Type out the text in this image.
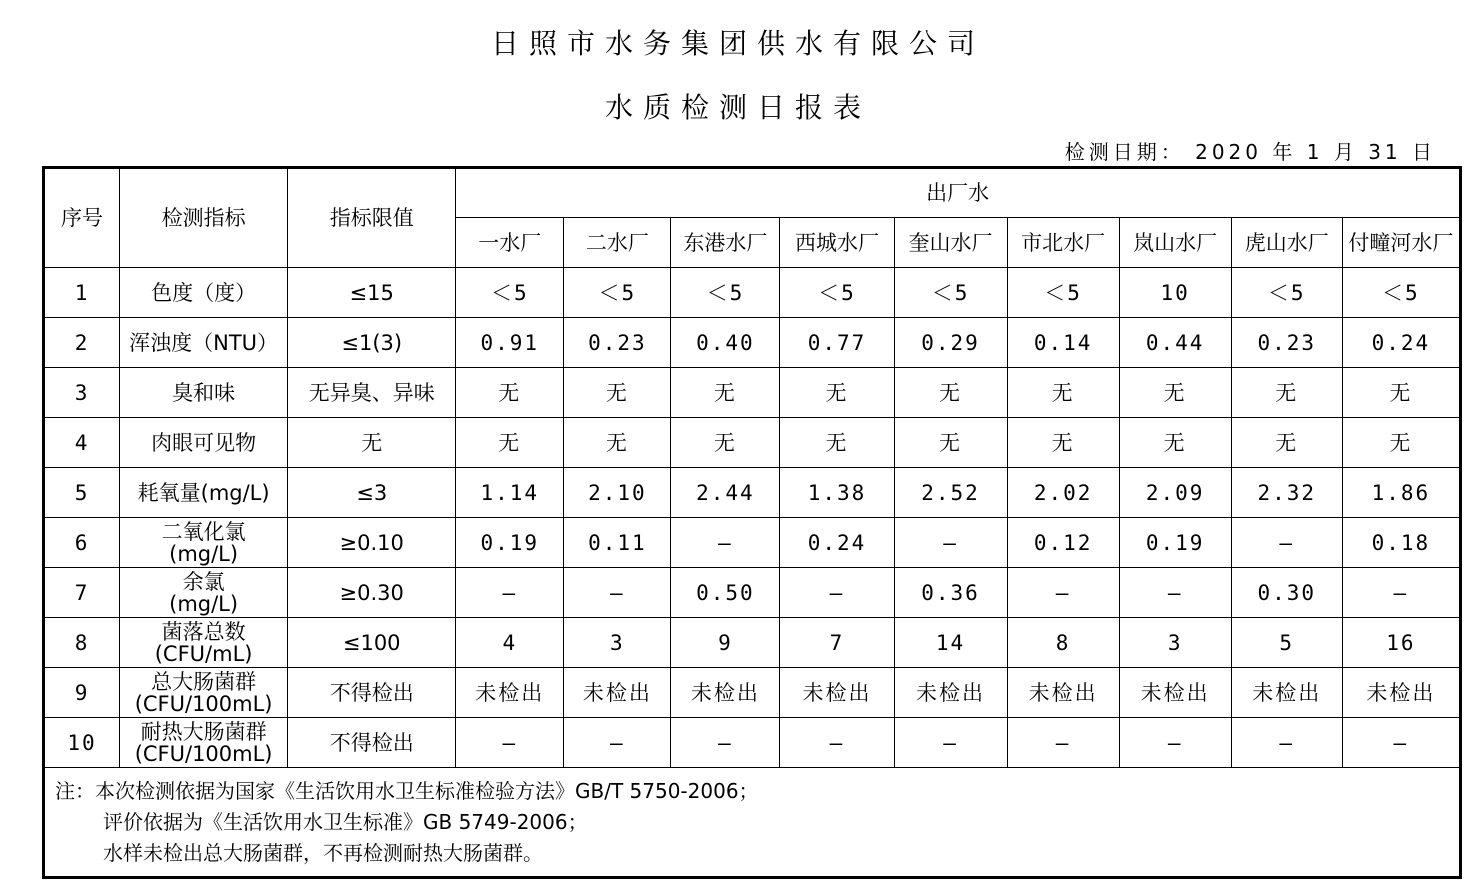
日照市水务集团供水有限公司
水质检测日报表
检测日期： 2020 年 1 月 31 日
序号	检测指标	指标限值	出厂水								
			一水厂	二水厂	东港水厂	西城水厂	奎山水厂	市北水厂	岚山水厂	虎山水厂	付疃河水厂
1	色度（度）	≤15	＜5	＜5	＜5	＜5	＜5	＜5	10	＜5	＜5
2	浑浊度（NTU）	≤1(3)	0.91	0.23	0.40	0.77	0.29	0.14	0.44	0.23	0.24
3	臭和味	无异臭、异味	无	无	无	无	无	无	无	无	无
4	肉眼可见物	无	无	无	无	无	无	无	无	无	无
5	耗氧量(mg/L)	≤3	1.14	2.10	2.44	1.38	2.52	2.02	2.09	2.32	1.86
6	二氧化氯
(mg/L)	≥0.10	0.19	0.11	—	0.24	—	0.12	0.19	—	0.18
7	余氯
(mg/L)	≥0.30	—	—	0.50	—	0.36	—	—	0.30	—
8	菌落总数
(CFU/mL)	≤100	4	3	9	7	14	8	3	5	16
9	总大肠菌群
(CFU/100mL)	不得检出	未检出	未检出	未检出	未检出	未检出	未检出	未检出	未检出	未检出
10	耐热大肠菌群
(CFU/100mL)	不得检出	—	—	—	—	—	—	—	—	—

注：本次检测依据为国家《生活饮用水卫生标准检验方法》GB/T 5750-2006；
评价依据为《生活饮用水卫生标准》GB 5749-2006；
水样未检出总大肠菌群，不再检测耐热大肠菌群。											
